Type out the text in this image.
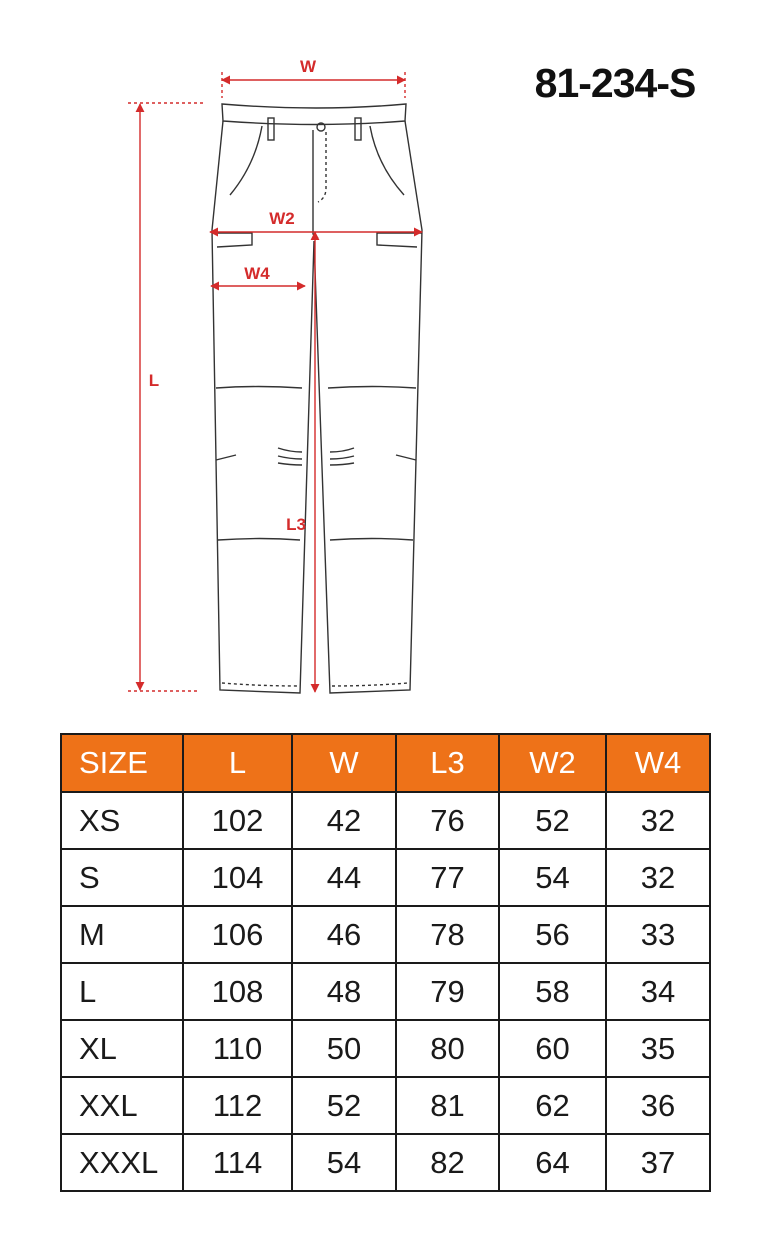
W
W2
W4
L
L3
81-234-S
SIZE	L	W	L3	W2	W4
XS	102	42	76	52	32
S	104	44	77	54	32
M	106	46	78	56	33
L	108	48	79	58	34
XL	110	50	80	60	35
XXL	112	52	81	62	36
XXXL	114	54	82	64	37
